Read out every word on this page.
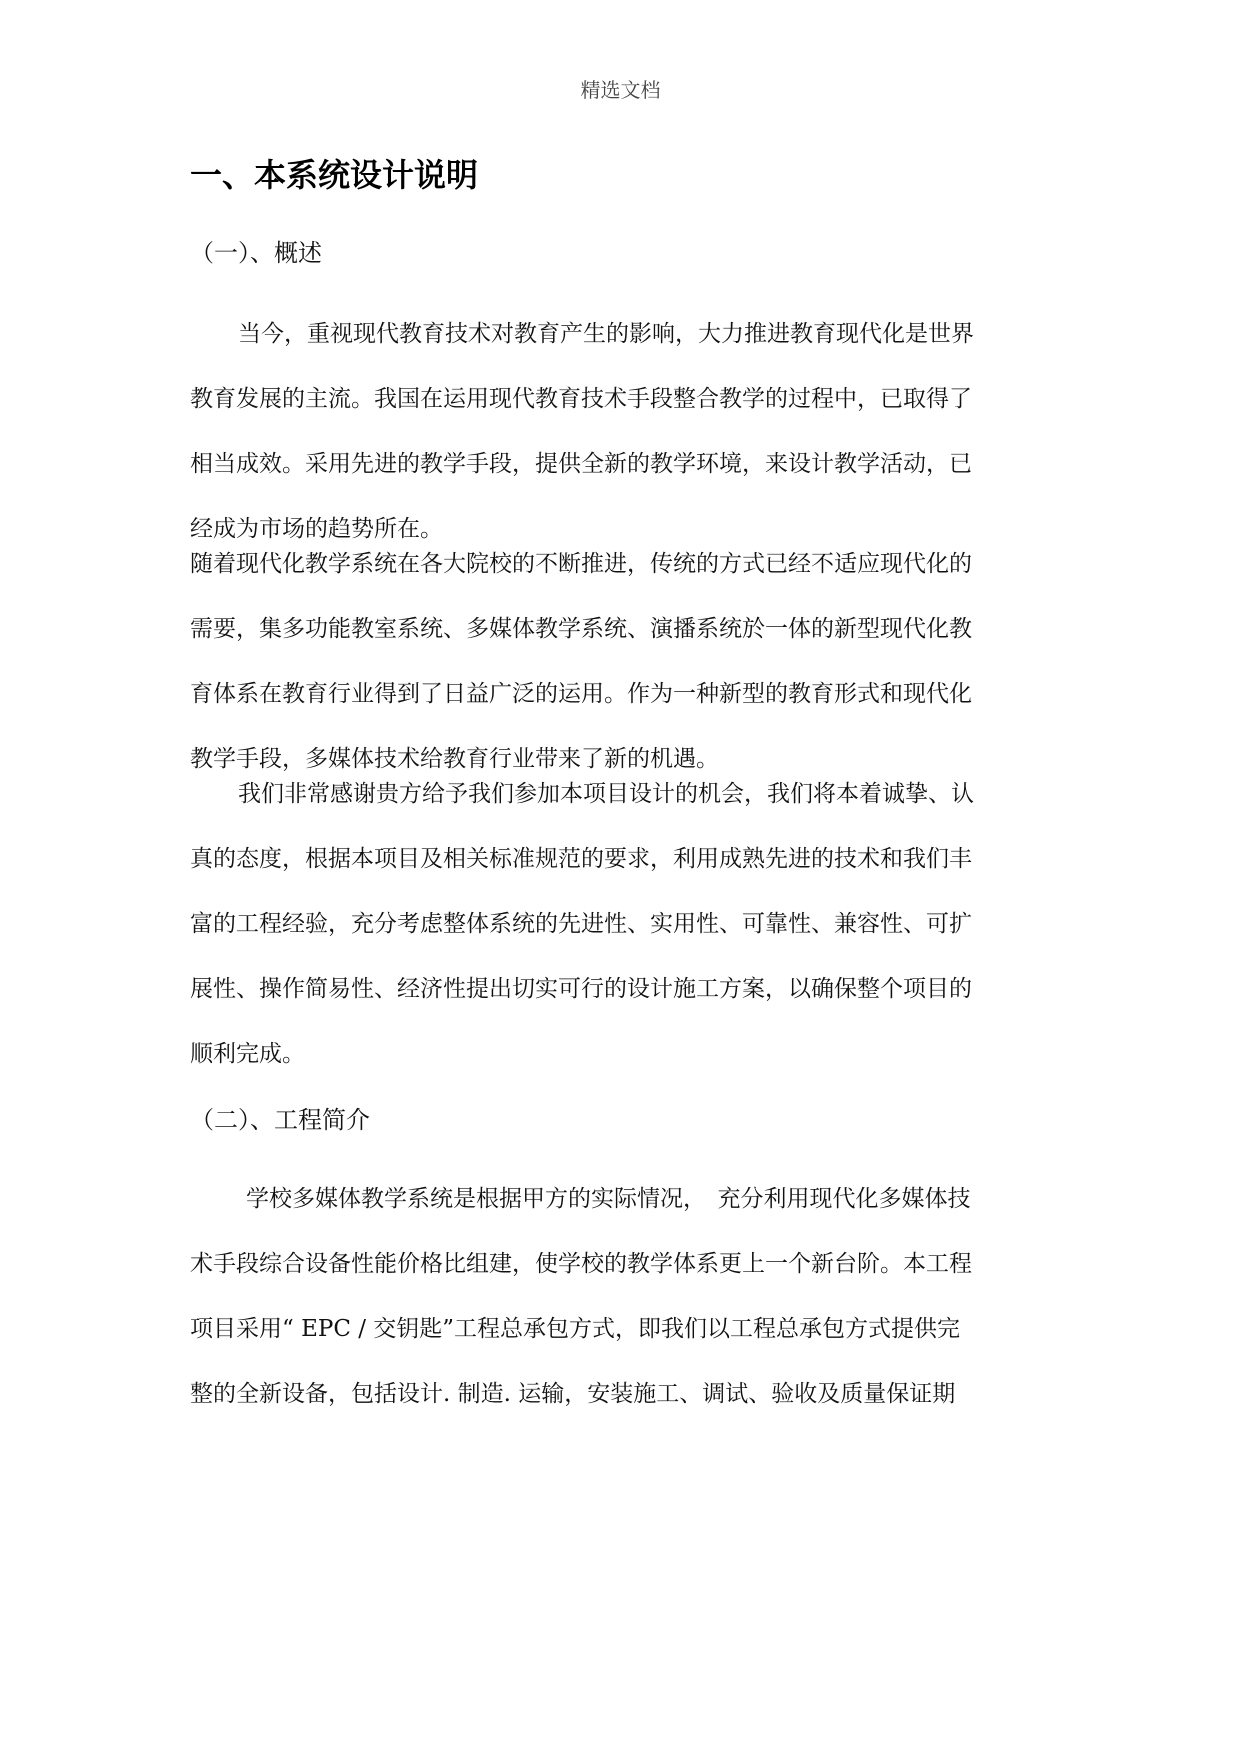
精选文档
一、本系统设计说明
（一）、概述
当今，重视现代教育技术对教育产生的影响，大力推进教育现代化是世界
教育发展的主流。我国在运用现代教育技术手段整合教学的过程中，已取得了
相当成效。采用先进的教学手段，提供全新的教学环境，来设计教学活动，已
经成为市场的趋势所在。
随着现代化教学系统在各大院校的不断推进，传统的方式已经不适应现代化的
需要，集多功能教室系统、多媒体教学系统、演播系统於一体的新型现代化教
育体系在教育行业得到了日益广泛的运用。作为一种新型的教育形式和现代化
教学手段，多媒体技术给教育行业带来了新的机遇。
我们非常感谢贵方给予我们参加本项目设计的机会，我们将本着诚挚、认
真的态度，根据本项目及相关标准规范的要求，利用成熟先进的技术和我们丰
富的工程经验，充分考虑整体系统的先进性、实用性、可靠性、兼容性、可扩
展性、操作简易性、经济性提出切实可行的设计施工方案，以确保整个项目的
顺利完成。
（二）、工程简介
学校多媒体教学系统是根据甲方的实际情况，　充分利用现代化多媒体技
术手段综合设备性能价格比组建，使学校的教学体系更上一个新台阶。本工程
项目采用“ EPC / 交钥匙”工程总承包方式，即我们以工程总承包方式提供完
整的全新设备，包括设计. 制造. 运输，安装施工、调试、验收及质量保证期
